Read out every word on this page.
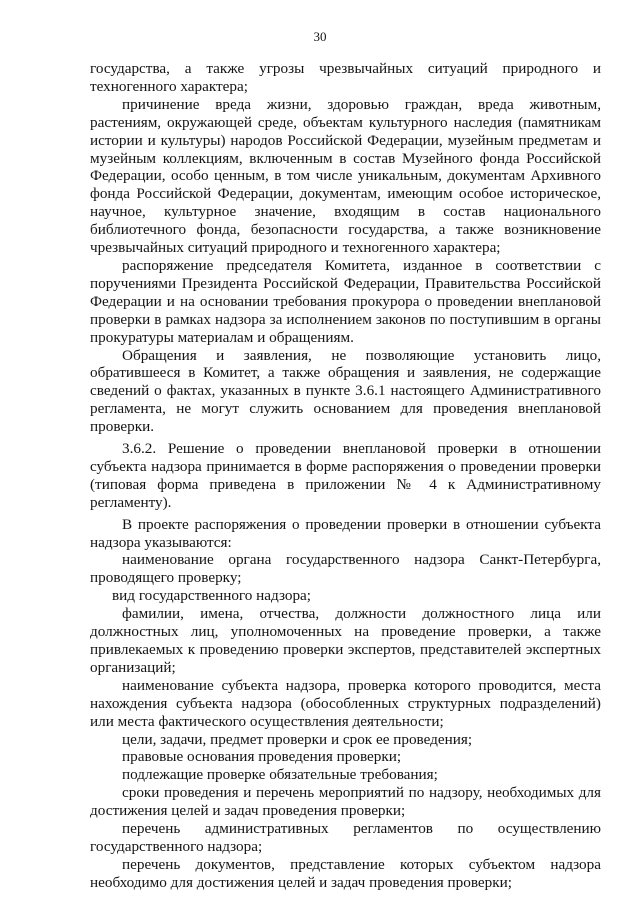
30

государства, а также угрозы чрезвычайных ситуаций природного и техногенного характера;

причинение вреда жизни, здоровью граждан, вреда животным, растениям, окружающей среде, объектам культурного наследия (памятникам истории и культуры) народов Российской Федерации, музейным предметам и музейным коллекциям, включенным в состав Музейного фонда Российской Федерации, особо ценным, в том числе уникальным, документам Архивного фонда Российской Федерации, документам, имеющим особое историческое, научное, культурное значение, входящим в состав национального библиотечного фонда, безопасности государства, а также возникновение чрезвычайных ситуаций природного и техногенного характера;

распоряжение председателя Комитета, изданное в соответствии с поручениями Президента Российской Федерации, Правительства Российской Федерации и на основании требования прокурора о проведении внеплановой проверки в рамках надзора за исполнением законов по поступившим в органы прокуратуры материалам и обращениям.

Обращения и заявления, не позволяющие установить лицо, обратившееся в Комитет, а также обращения и заявления, не содержащие сведений о фактах, указанных в пункте 3.6.1 настоящего Административного регламента, не могут служить основанием для проведения внеплановой проверки.

3.6.2. Решение о проведении внеплановой проверки в отношении субъекта надзора принимается в форме распоряжения о проведении проверки (типовая форма приведена в приложении № 4 к Административному регламенту).

В проекте распоряжения о проведении проверки в отношении субъекта надзора указываются:

наименование органа государственного надзора Санкт-Петербурга, проводящего проверку;

вид государственного надзора;

фамилии, имена, отчества, должности должностного лица или должностных лиц, уполномоченных на проведение проверки, а также привлекаемых к проведению проверки экспертов, представителей экспертных организаций;

наименование субъекта надзора, проверка которого проводится, места нахождения субъекта надзора (обособленных структурных подразделений) или места фактического осуществления деятельности;

цели, задачи, предмет проверки и срок ее проведения;

правовые основания проведения проверки;

подлежащие проверке обязательные требования;

сроки проведения и перечень мероприятий по надзору, необходимых для достижения целей и задач проведения проверки;

перечень административных регламентов по осуществлению государственного надзора;

перечень документов, представление которых субъектом надзора необходимо для достижения целей и задач проведения проверки;
